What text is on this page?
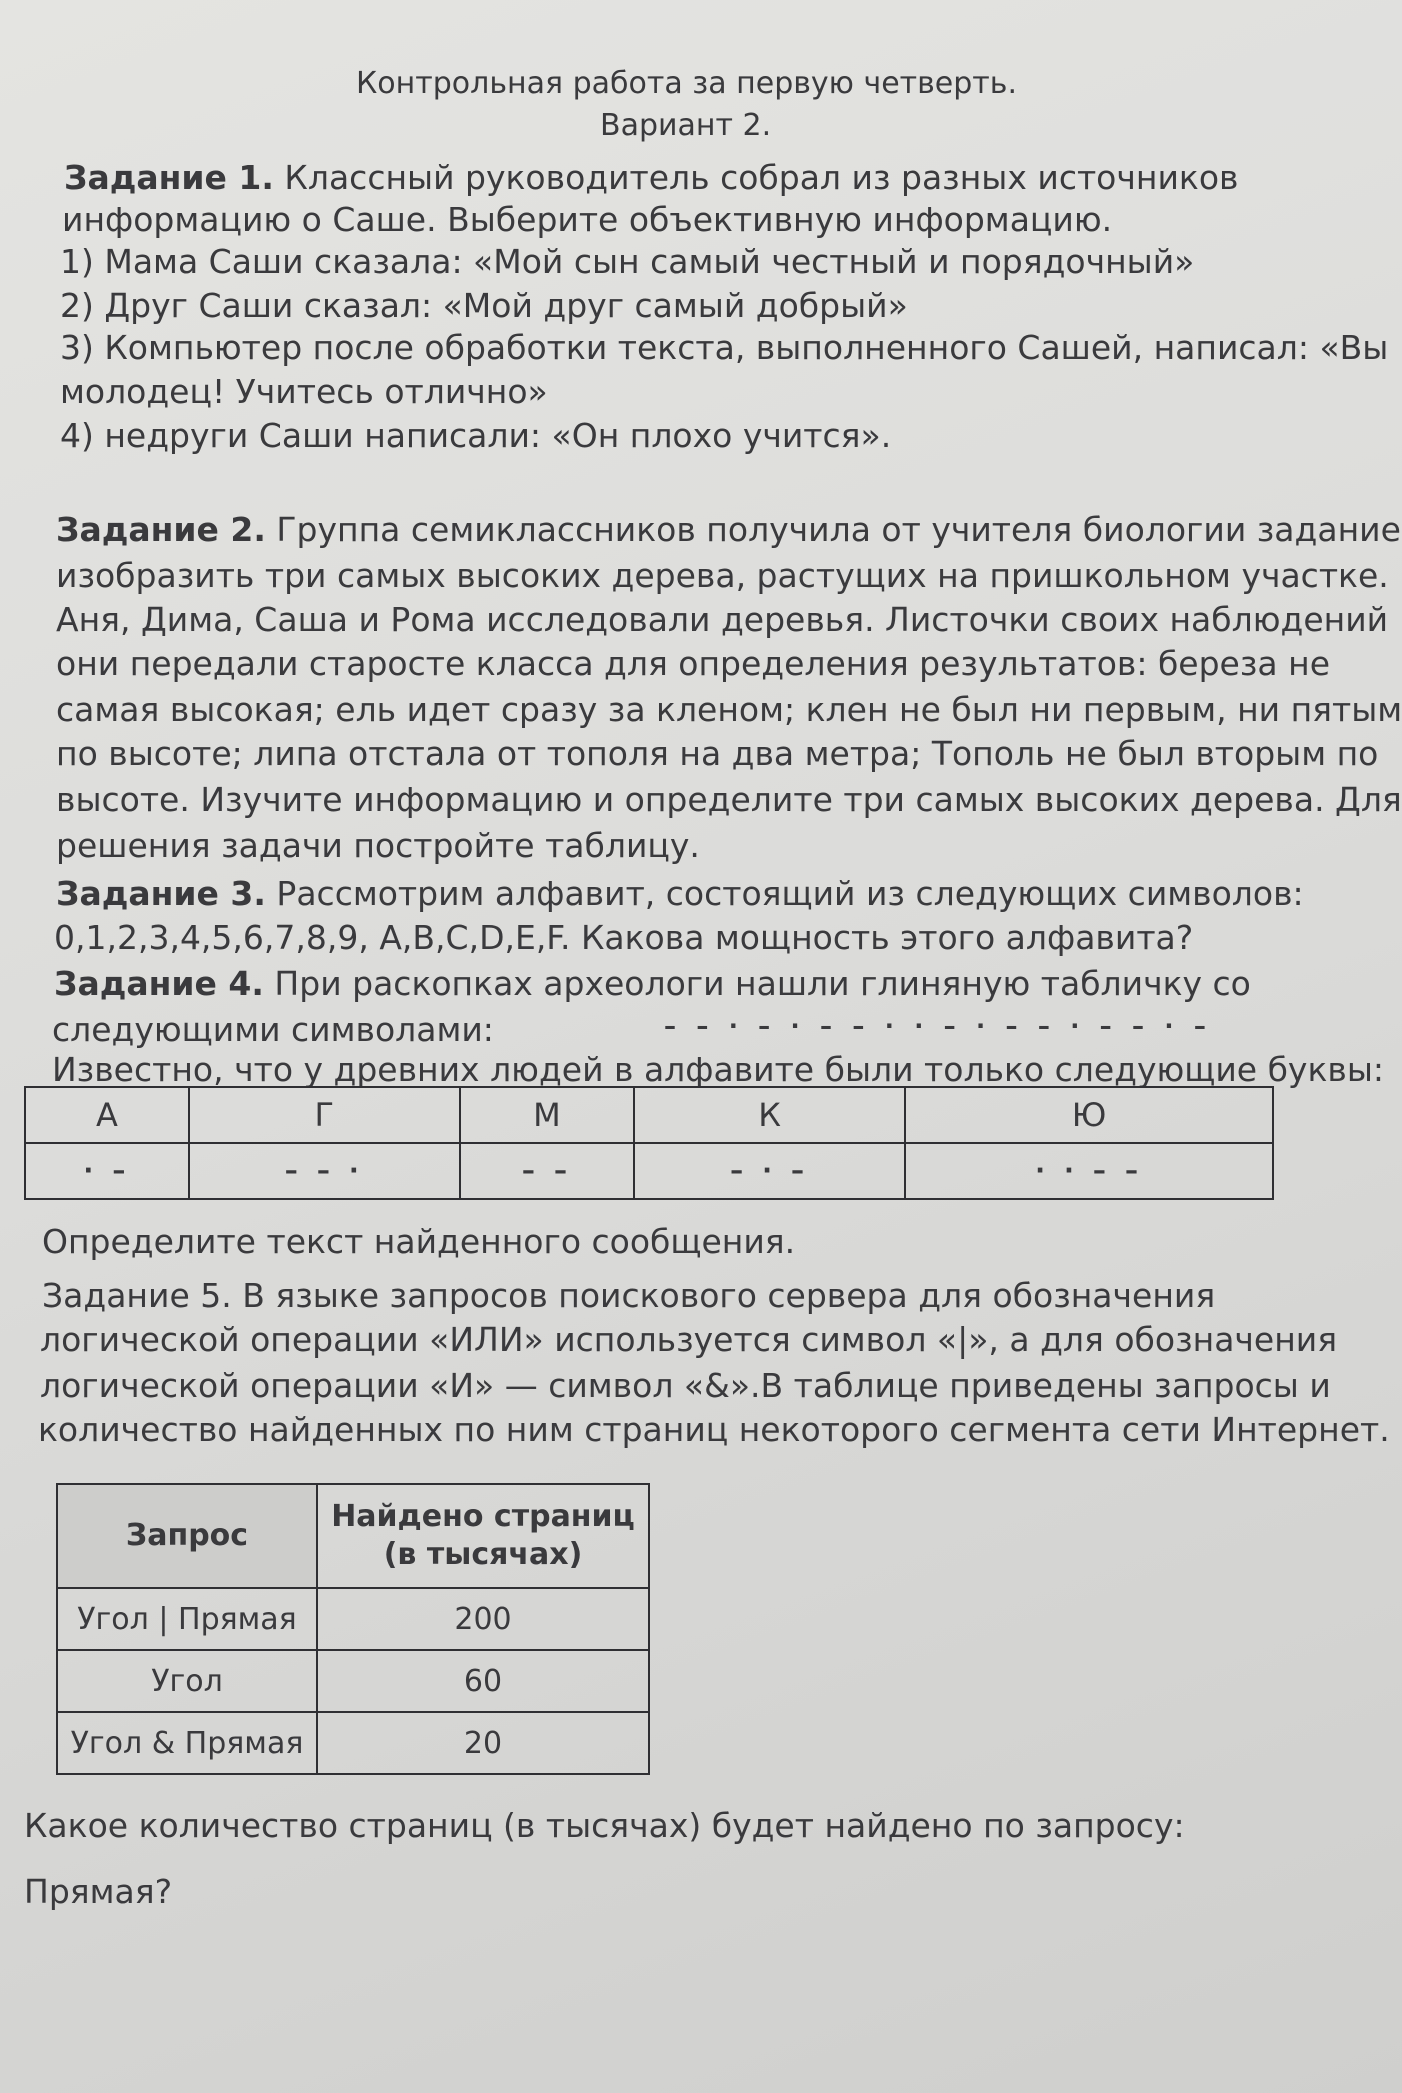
Контрольная работа за первую четверть.
Вариант 2.
Задание 1. Классный руководитель собрал из разных источников
информацию о Саше. Выберите объективную информацию.
1) Мама Саши сказала: «Мой сын самый честный и порядочный»
2) Друг Саши сказал: «Мой друг самый добрый»
3) Компьютер после обработки текста, выполненного Сашей, написал: «Вы
молодец! Учитесь отлично»
4) недруги Саши написали: «Он плохо учится».
Задание 2. Группа семиклассников получила от учителя биологии задание
изобразить три самых высоких дерева, растущих на пришкольном участке.
Аня, Дима, Саша и Рома исследовали деревья. Листочки своих наблюдений
они передали старосте класса для определения результатов: береза не
самая высокая; ель идет сразу за кленом; клен не был ни первым, ни пятым
по высоте; липа отстала от тополя на два метра; Тополь не был вторым по
высоте. Изучите информацию и определите три самых высоких дерева. Для
решения задачи постройте таблицу.
Задание 3. Рассмотрим алфавит, состоящий из следующих символов:
0,1,2,3,4,5,6,7,8,9, A,B,C,D,E,F. Какова мощность этого алфавита?
Задание 4. При раскопках археологи нашли глиняную табличку со
следующими символами:	– – · – · – – · · – · – – · – – · –
Известно, что у древних людей в алфавите были только следующие буквы:
А	Г	М	К	Ю
· –	– – ·	– –	– · –	· · – –
Определите текст найденного сообщения.
Задание 5. В языке запросов поискового сервера для обозначения
логической операции «ИЛИ» используется символ «|», а для обозначения
логической операции «И» — символ «&».В таблице приведены запросы и
количество найденных по ним страниц некоторого сегмента сети Интернет.
Запрос	Найдено страниц
(в тысячах)

Угол | Прямая	200
Угол	60
Угол & Прямая	20
Какое количество страниц (в тысячах) будет найдено по запросу:
Прямая?
